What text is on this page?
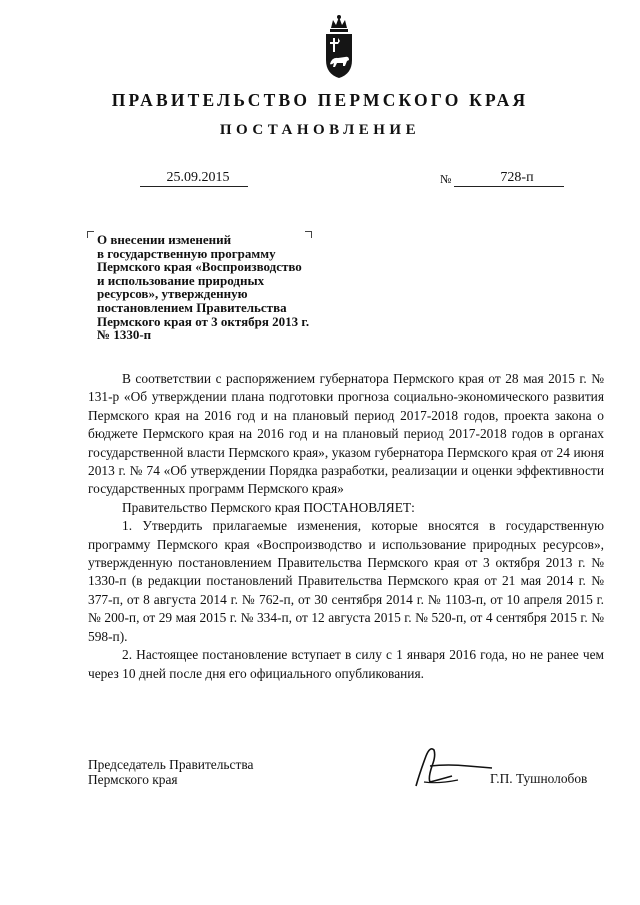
ПРАВИТЕЛЬСТВО ПЕРМСКОГО КРАЯ
ПОСТАНОВЛЕНИЕ
25.09.2015	№	728-п
О внесении изменений
в государственную программу
Пермского края «Воспроизводство
и использование природных
ресурсов», утвержденную
постановлением Правительства
Пермского края от 3 октября 2013 г.
№ 1330-п

В соответствии с распоряжением губернатора Пермского края от 28 мая 2015 г. № 131-р «Об утверждении плана подготовки прогноза социально-экономического развития Пермского края на 2016 год и на плановый период 2017-2018 годов, проекта закона о бюджете Пермского края на 2016 год и на плановый период 2017-2018 годов в органах государственной власти Пермского края», указом губернатора Пермского края от 24 июня 2013 г. № 74 «Об утверждении Порядка разработки, реализации и оценки эффективности государственных программ Пермского края»

Правительство Пермского края ПОСТАНОВЛЯЕТ:

1. Утвердить прилагаемые изменения, которые вносятся в государственную программу Пермского края «Воспроизводство и использование природных ресурсов», утвержденную постановлением Правительства Пермского края от 3 октября 2013 г. № 1330-п (в редакции постановлений Правительства Пермского края от 21 мая 2014 г. № 377-п, от 8 августа 2014 г. № 762-п, от 30 сентября 2014 г. № 1103-п, от 10 апреля 2015 г. № 200-п, от 29 мая 2015 г. № 334-п, от 12 августа 2015 г. № 520-п, от 4 сентября 2015 г. № 598-п).

2. Настоящее постановление вступает в силу с 1 января 2016 года, но не ранее чем через 10 дней после дня его официального опубликования.

Председатель Правительства
Пермского края	Г.П. Тушнолобов
